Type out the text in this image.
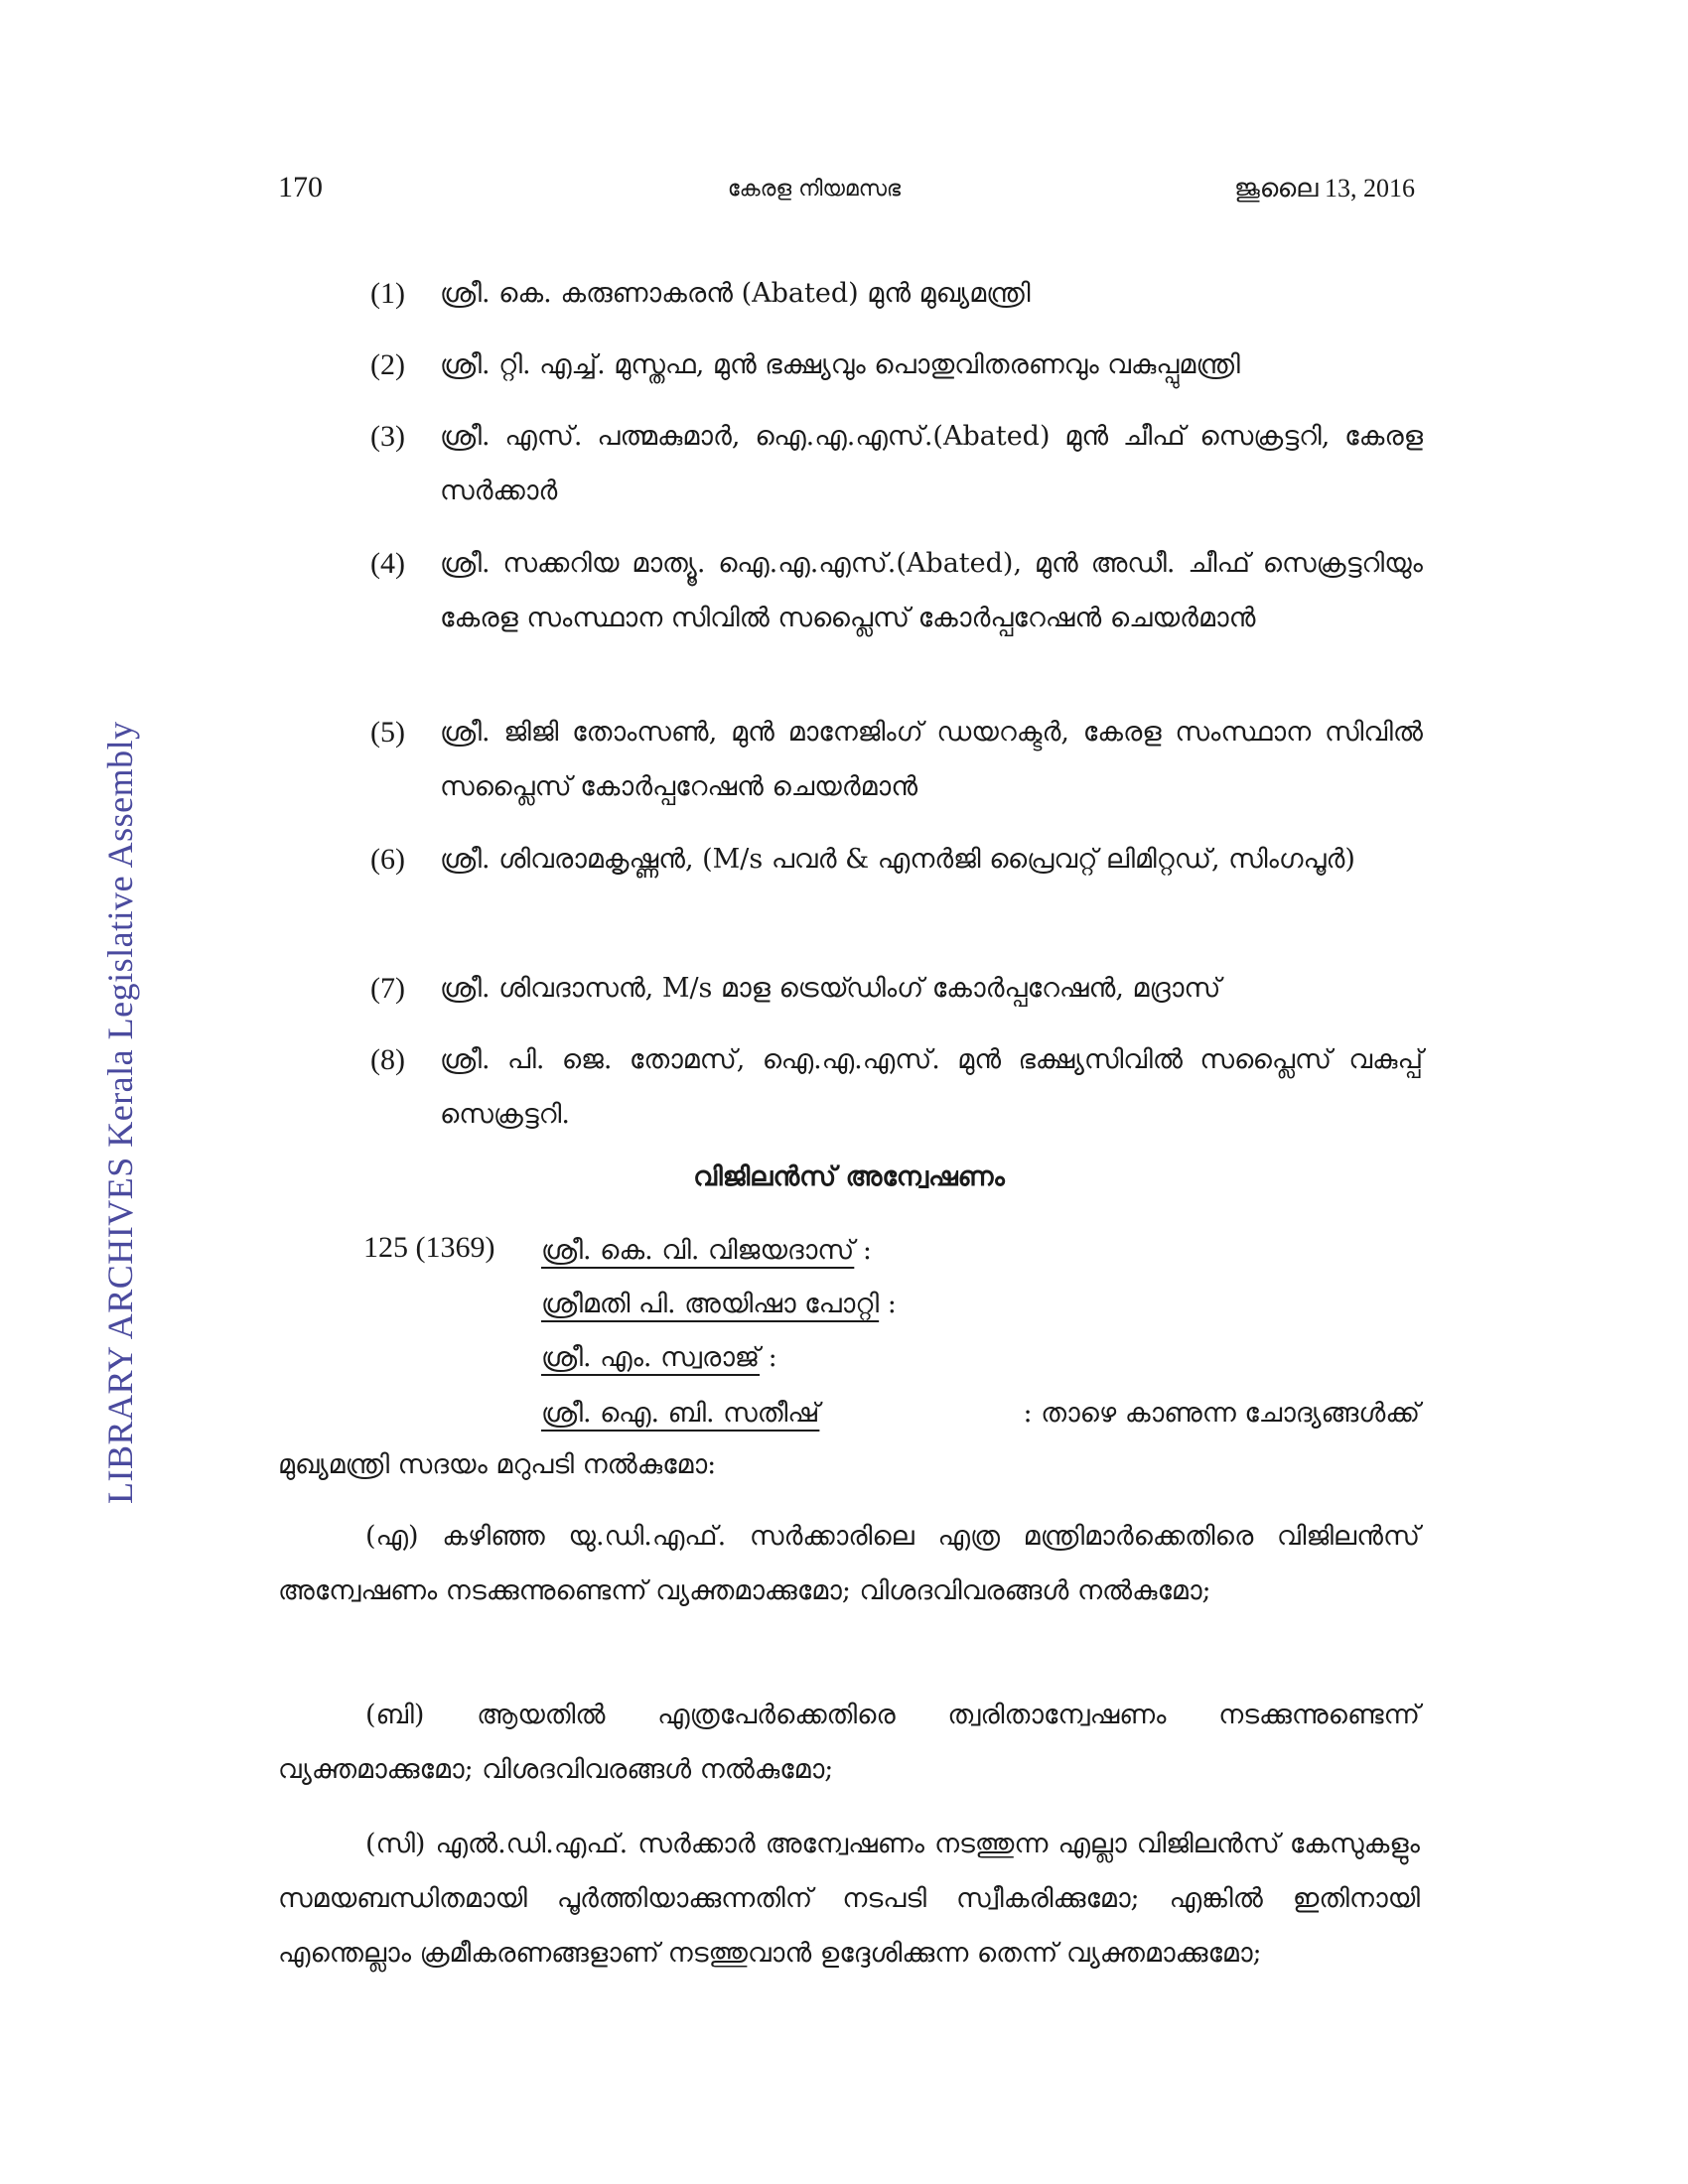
170	കേരള നിയമസഭ	ജൂലൈ 13, 2016
LIBRARY ARCHIVES Kerala Legislative Assembly
(1) ശ്രീ. കെ. കരുണാകരൻ (Abated) മുൻ മുഖ്യമന്ത്രി
(2) ശ്രീ. റ്റി. എച്ച്. മുസ്തഫ, മുൻ ഭക്ഷ്യവും പൊതുവിതരണവും വകുപ്പുമന്ത്രി
(3) ശ്രീ. എസ്. പത്മകുമാർ, ഐ.എ.എസ്.(Abated) മുൻ ചീഫ് സെക്രട്ടറി, കേരള സർക്കാർ
(4) ശ്രീ. സക്കറിയ മാത്യൂ. ഐ.എ.എസ്.(Abated), മുൻ അഡീ. ചീഫ് സെക്രട്ടറിയും കേരള സംസ്ഥാന സിവിൽ സപ്ലൈസ് കോർപ്പറേഷൻ ചെയർമാൻ
(5) ശ്രീ. ജിജി തോംസൺ, മുൻ മാനേജിംഗ് ഡയറക്ടർ, കേരള സംസ്ഥാന സിവിൽ സപ്ലൈസ് കോർപ്പറേഷൻ ചെയർമാൻ
(6) ശ്രീ. ശിവരാമകൃഷ്ണൻ, (M/s പവർ & എനർജി പ്രൈവറ്റ് ലിമിറ്റഡ്, സിംഗപൂർ)
(7) ശ്രീ. ശിവദാസൻ, M/s മാള ട്രെയ്ഡിംഗ് കോർപ്പറേഷൻ, മദ്രാസ്
(8) ശ്രീ. പി. ജെ. തോമസ്, ഐ.എ.എസ്. മുൻ ഭക്ഷ്യസിവിൽ സപ്ലൈസ് വകുപ്പ് സെക്രട്ടറി.
വിജിലൻസ് അന്വേഷണം
125 (1369) ശ്രീ. കെ. വി. വിജയദാസ് :
ശ്രീമതി പി. അയിഷാ പോറ്റി :
ശ്രീ. എം. സ്വരാജ് :
ശ്രീ. ഐ. ബി. സതീഷ്	: താഴെ കാണുന്ന ചോദ്യങ്ങൾക്ക്
മുഖ്യമന്ത്രി സദയം മറുപടി നൽകുമോ:
(എ) കഴിഞ്ഞ യു.ഡി.എഫ്. സർക്കാരിലെ എത്ര മന്ത്രിമാർക്കെതിരെ വിജിലൻസ് അന്വേഷണം നടക്കുന്നുണ്ടെന്ന് വ്യക്തമാക്കുമോ; വിശദവിവരങ്ങൾ നൽകുമോ;
(ബി) ആയതിൽ എത്രപേർക്കെതിരെ ത്വരിതാന്വേഷണം നടക്കുന്നുണ്ടെന്ന് വ്യക്തമാക്കുമോ; വിശദവിവരങ്ങൾ നൽകുമോ;
(സി) എൽ.ഡി.എഫ്. സർക്കാർ അന്വേഷണം നടത്തുന്ന എല്ലാ വിജിലൻസ് കേസുകളും സമയബന്ധിതമായി പൂർത്തിയാക്കുന്നതിന് നടപടി സ്വീകരിക്കുമോ; എങ്കിൽ ഇതിനായി എന്തെല്ലാം ക്രമീകരണങ്ങളാണ് നടത്തുവാൻ ഉദ്ദേശിക്കുന്ന തെന്ന് വ്യക്തമാക്കുമോ;
